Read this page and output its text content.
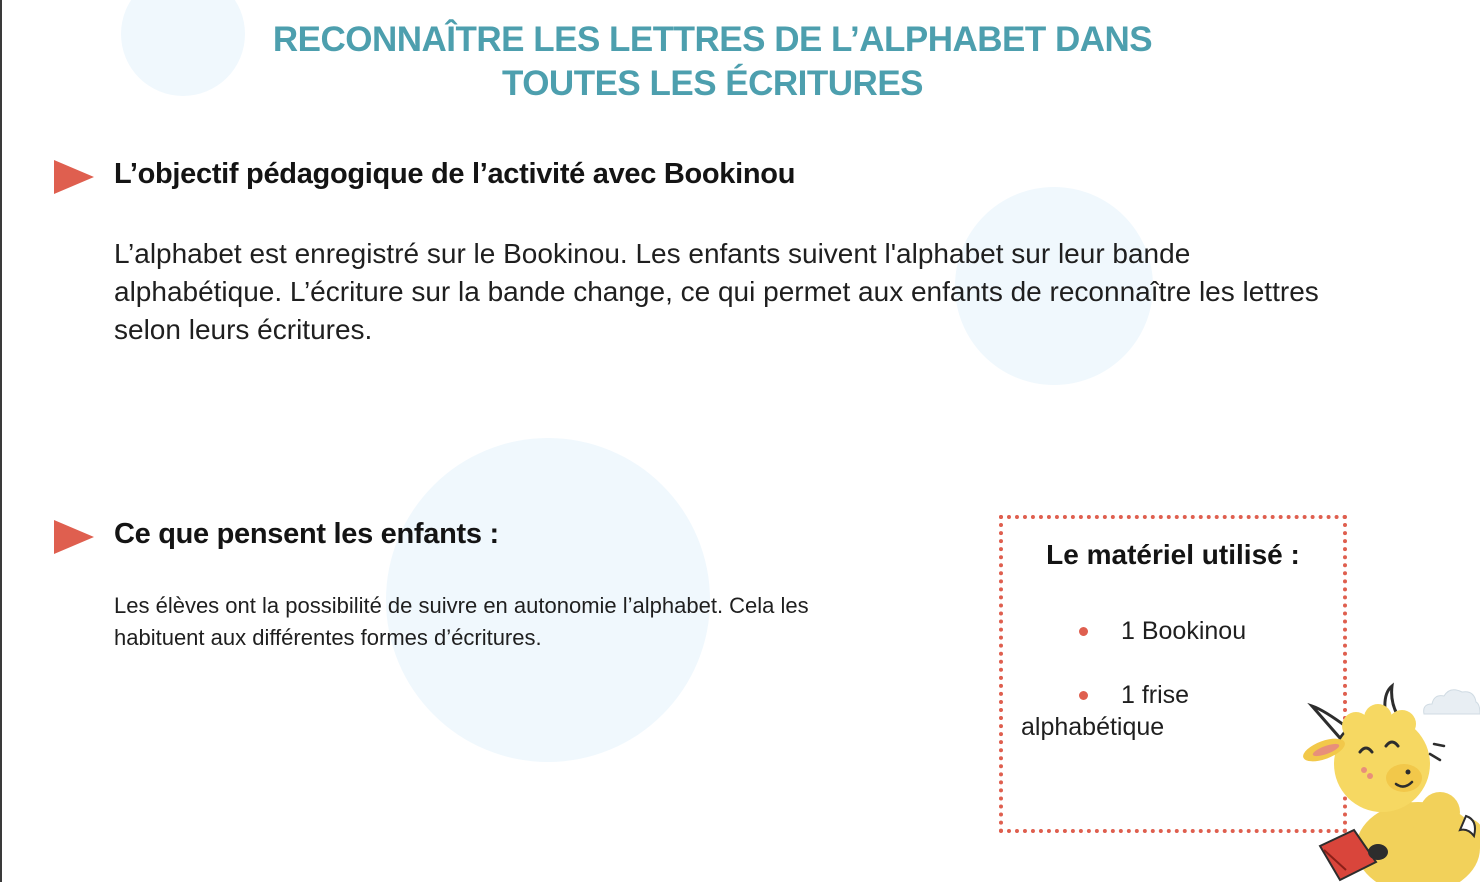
RECONNAÎTRE LES LETTRES DE L’ALPHABET DANS
TOUTES LES ÉCRITURES
L’objectif pédagogique de l’activité avec Bookinou

L’alphabet est enregistré sur le Bookinou. Les enfants suivent l'alphabet sur leur bande alphabétique. L’écriture sur la bande change, ce qui permet aux enfants de reconnaître les lettres selon leurs écritures.

Ce que pensent les enfants :

Les élèves ont la possibilité de suivre en autonomie l’alphabet. Cela les habituent aux différentes formes d’écritures.

Le matériel utilisé :
1 Bookinou
1 frise alphabétique
